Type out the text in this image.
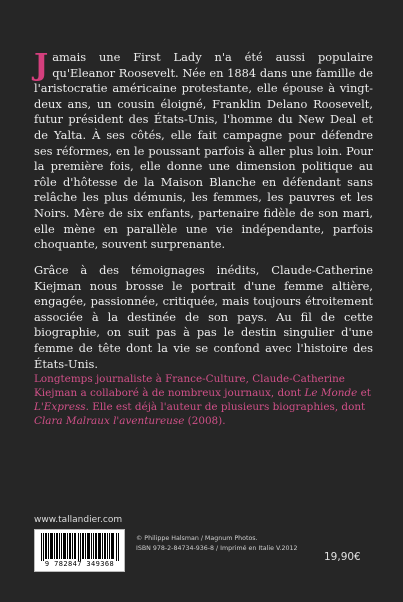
Jamais une First Lady n'a été aussi populaire qu'Eleanor Roosevelt. Née en 1884 dans une famille de l'aristocratie américaine protestante, elle épouse à vingt-deux ans, un cousin éloigné, Franklin Delano Roosevelt, futur président des États-Unis, l'homme du New Deal et de Yalta. À ses côtés, elle fait campagne pour défendre ses réformes, en le poussant parfois à aller plus loin. Pour la première fois, elle donne une dimension politique au rôle d'hôtesse de la Maison Blanche en défendant sans relâche les plus démunis, les femmes, les pauvres et les Noirs. Mère de six enfants, partenaire fidèle de son mari, elle mène en parallèle une vie indépendante, parfois choquante, souvent surprenante.

Grâce à des témoignages inédits, Claude-Catherine Kiejman nous brosse le portrait d'une femme altière, engagée, passionnée, critiquée, mais toujours étroitement associée à la destinée de son pays. Au fil de cette biographie, on suit pas à pas le destin singulier d'une femme de tête dont la vie se confond avec l'histoire des États-Unis.

Longtemps journaliste à France-Culture, Claude-Catherine Kiejman a collaboré à de nombreux journaux, dont Le Monde et L'Express. Elle est déjà l'auteur de plusieurs biographies, dont Clara Malraux l'aventureuse (2008).
www.tallandier.com
9 782847 349368
© Philippe Halsman / Magnum Photos.
ISBN 978-2-84734-936-8 / Imprimé en Italie V.2012
19,90€
